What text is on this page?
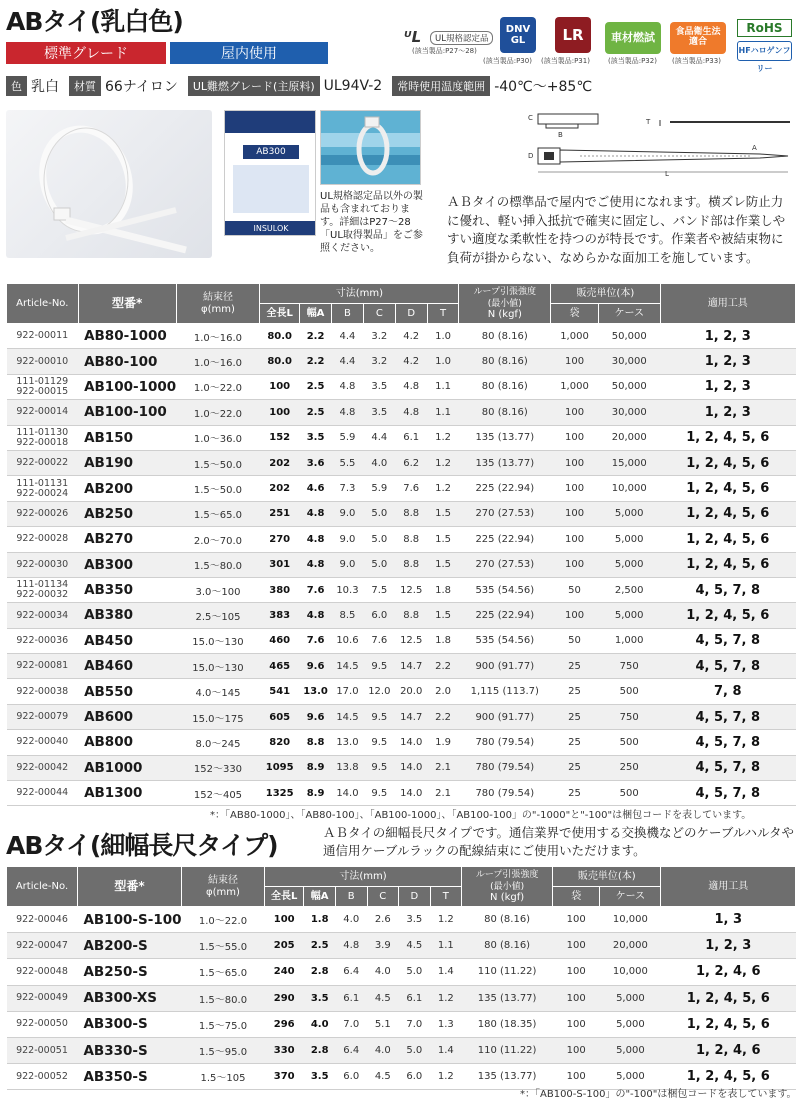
ABタイ(乳白色)
標準グレード	屋内使用
ᵁL	UL規格認定品
(該当製品:P27～28)
DNV GL
(該当製品:P30)
LR
(該当製品:P31)
車材燃試
(該当製品:P32)
食品衛生法 適合
(該当製品:P33)
RoHS
HFハロゲンフリー
色 乳白	材質 66ナイロン	UL難燃グレード(主原料) UL94V-2	常時使用温度範囲 -40℃～+85℃
AB300
INSULOK
UL規格認定品以外の製品も含まれております。詳細はP27～28「UL取得製品」をご参照ください。
C
B
T
D
L
A
ＡＢタイの標準品で屋内でご使用になれます。横ズレ防止力に優れ、軽い挿入抵抗で確実に固定し、バンド部は作業しやすい適度な柔軟性を持つのが特長です。作業者や被結束物に負荷が掛からない、なめらかな面加工を施しています。
Article-No.	型番*	結束径
φ(mm)	寸法(mm)						ループ引張強度
(最小値)
N (kgf)	販売単位(本)		適用工具
			全長L	幅A	B	C	D	T		袋	ケース	
922-00011	AB80-1000	1.0～16.0	80.0	2.2	4.4	3.2	4.2	1.0	80 (8.16)	1,000	50,000	1, 2, 3
922-00010	AB80-100	1.0～16.0	80.0	2.2	4.4	3.2	4.2	1.0	80 (8.16)	100	30,000	1, 2, 3
111-01129
922-00015	AB100-1000	1.0～22.0	100	2.5	4.8	3.5	4.8	1.1	80 (8.16)	1,000	50,000	1, 2, 3
922-00014	AB100-100	1.0～22.0	100	2.5	4.8	3.5	4.8	1.1	80 (8.16)	100	30,000	1, 2, 3
111-01130
922-00018	AB150	1.0～36.0	152	3.5	5.9	4.4	6.1	1.2	135 (13.77)	100	20,000	1, 2, 4, 5, 6
922-00022	AB190	1.5～50.0	202	3.6	5.5	4.0	6.2	1.2	135 (13.77)	100	15,000	1, 2, 4, 5, 6
111-01131
922-00024	AB200	1.5～50.0	202	4.6	7.3	5.9	7.6	1.2	225 (22.94)	100	10,000	1, 2, 4, 5, 6
922-00026	AB250	1.5～65.0	251	4.8	9.0	5.0	8.8	1.5	270 (27.53)	100	5,000	1, 2, 4, 5, 6
922-00028	AB270	2.0～70.0	270	4.8	9.0	5.0	8.8	1.5	225 (22.94)	100	5,000	1, 2, 4, 5, 6
922-00030	AB300	1.5～80.0	301	4.8	9.0	5.0	8.8	1.5	270 (27.53)	100	5,000	1, 2, 4, 5, 6
111-01134
922-00032	AB350	3.0～100	380	7.6	10.3	7.5	12.5	1.8	535 (54.56)	50	2,500	4, 5, 7, 8
922-00034	AB380	2.5～105	383	4.8	8.5	6.0	8.8	1.5	225 (22.94)	100	5,000	1, 2, 4, 5, 6
922-00036	AB450	15.0～130	460	7.6	10.6	7.6	12.5	1.8	535 (54.56)	50	1,000	4, 5, 7, 8
922-00081	AB460	15.0～130	465	9.6	14.5	9.5	14.7	2.2	900 (91.77)	25	750	4, 5, 7, 8
922-00038	AB550	4.0～145	541	13.0	17.0	12.0	20.0	2.0	1,115 (113.7)	25	500	7, 8
922-00079	AB600	15.0～175	605	9.6	14.5	9.5	14.7	2.2	900 (91.77)	25	750	4, 5, 7, 8
922-00040	AB800	8.0～245	820	8.8	13.0	9.5	14.0	1.9	780 (79.54)	25	500	4, 5, 7, 8
922-00042	AB1000	152～330	1095	8.9	13.8	9.5	14.0	2.1	780 (79.54)	25	250	4, 5, 7, 8
922-00044	AB1300	152～405	1325	8.9	14.0	9.5	14.0	2.1	780 (79.54)	25	500	4, 5, 7, 8
*：「AB80-1000」、「AB80-100」、「AB100-1000」、「AB100-100」の"-1000"と"-100"は梱包コードを表しています。
ABタイ(細幅長尺タイプ)	ＡＢタイの細幅長尺タイプです。通信業界で使用する交換機などのケーブルハルタや通信用ケーブルラックの配線結束にご使用いただけます。
Article-No.	型番*	結束径
φ(mm)	寸法(mm)						ループ引張強度
(最小値)
N (kgf)	販売単位(本)		適用工具
			全長L	幅A	B	C	D	T		袋	ケース	
922-00046	AB100-S-100	1.0～22.0	100	1.8	4.0	2.6	3.5	1.2	80 (8.16)	100	10,000	1, 3
922-00047	AB200-S	1.5～55.0	205	2.5	4.8	3.9	4.5	1.1	80 (8.16)	100	20,000	1, 2, 3
922-00048	AB250-S	1.5～65.0	240	2.8	6.4	4.0	5.0	1.4	110 (11.22)	100	10,000	1, 2, 4, 6
922-00049	AB300-XS	1.5～80.0	290	3.5	6.1	4.5	6.1	1.2	135 (13.77)	100	5,000	1, 2, 4, 5, 6
922-00050	AB300-S	1.5～75.0	296	4.0	7.0	5.1	7.0	1.3	180 (18.35)	100	5,000	1, 2, 4, 5, 6
922-00051	AB330-S	1.5～95.0	330	2.8	6.4	4.0	5.0	1.4	110 (11.22)	100	5,000	1, 2, 4, 6
922-00052	AB350-S	1.5～105	370	3.5	6.0	4.5	6.0	1.2	135 (13.77)	100	5,000	1, 2, 4, 5, 6
*：「AB100-S-100」の"-100"は梱包コードを表しています。
